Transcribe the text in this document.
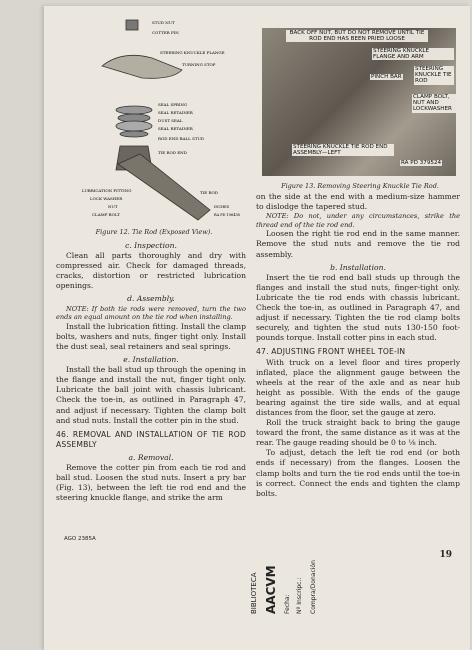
STUD NUT
COTTER PIN
STEERING KNUCKLE FLANGE
TURNING STOP
SEAL SPRING
SEAL RETAINER
DUST SEAL
SEAL RETAINER
ROD END BALL STUD
TIE ROD END
LUBRICATION FITTING
LOCK WASHER
NUT
CLAMP BOLT
TIE ROD
INCHES
RA PD 196458
Figure 12. Tie Rod (Exposed View).
BACK OFF NUT, BUT DO NOT REMOVE UNTIL TIE ROD END HAS BEEN PRIED LOOSE
STEERING KNUCKLE FLANGE AND ARM
STEERING KNUCKLE TIE ROD
PINCH BAR
CLAMP BOLT, NUT AND LOCKWASHER
STEERING KNUCKLE TIE ROD END ASSEMBLY—LEFT
RA PD 379524
Figure 13. Removing Steering Knuckle Tie Rod.

c. Inspection.

Clean all parts thoroughly and dry with compressed air. Check for damaged threads, cracks, distortion or restricted lubrication openings.

d. Assembly.

NOTE: If both tie rods were removed, turn the two ends an equal amount on the tie rod when installing.

Install the lubrication fitting. Install the clamp bolts, washers and nuts, finger tight only. Install the dust seal, seal retainers and seal springs.

e. Installation.

Install the ball stud up through the opening in the flange and install the nut, finger tight only. Lubricate the ball joint with chassis lubricant. Check the toe-in, as outlined in Paragraph 47, and adjust if necessary. Tighten the clamp bolt and stud nuts. Install the cotter pin in the stud.

46. REMOVAL AND INSTALLATION OF TIE ROD ASSEMBLY

a. Removal.

Remove the cotter pin from each tie rod and ball stud. Loosen the stud nuts. Insert a pry bar (Fig. 13), between the left tie rod end and the steering knuckle flange, and strike the arm

on the side at the end with a medium-size hammer to dislodge the tapered stud.

NOTE: Do not, under any circumstances, strike the thread end of the tie rod end.

Loosen the right tie rod end in the same manner. Remove the stud nuts and remove the tie rod assembly.

b. Installation.

Insert the tie rod end ball studs up through the flanges and install the stud nuts, finger-tight only. Lubricate the tie rod ends with chassis lubricant. Check the toe-in, as outlined in Paragraph 47, and adjust if necessary. Tighten the tie rod clamp bolts securely, and tighten the stud nuts 130-150 foot-pounds torque. Install cotter pins in each stud.

47. ADJUSTING FRONT WHEEL TOE-IN

With truck on a level floor and tires properly inflated, place the alignment gauge between the wheels at the rear of the axle and as near hub height as possible. With the ends of the gauge bearing against the tire side walls, and at equal distances from the floor, set the gauge at zero.

Roll the truck straight back to bring the gauge toward the front, the same distance as it was at the rear. The gauge reading should be 0 to ⅛ inch.

To adjust, detach the left tie rod end (or both ends if necessary) from the flanges. Loosen the clamp bolts and turn the tie rod ends until the toe-in is correct. Connect the ends and tighten the clamp bolts.

AGO 2385A
19
BIBLIOTECA AACVM Fecha: Nº Inscripc.: Compra/Donación
